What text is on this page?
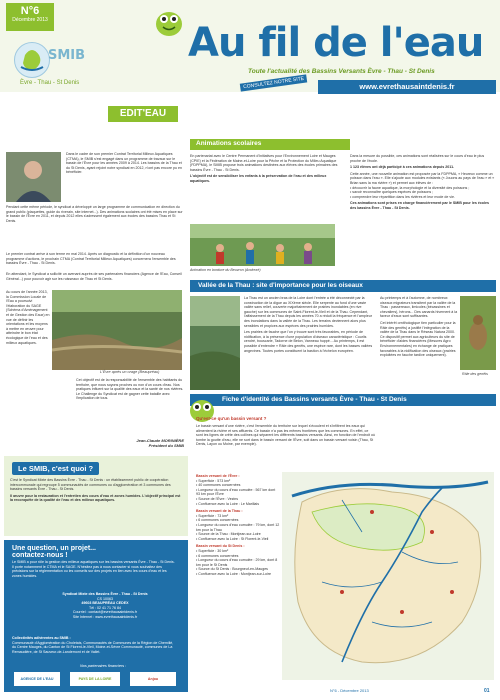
N°6
Décembre 2013
SMIB
Èvre - Thau - St Denis
Au fil de l'eau
Toute l'actualité des Bassins Versants Èvre - Thau - St Denis
CONSULTEZ NOTRE SITE	www.evrethausaintdenis.fr
EDIT'EAU
Dans le cadre de son premier Contrat Territorial Milieux Aquatiques (CTMA), le SMIB s'est engagé dans un programme de travaux sur le bassin de l'Èvre pour les années 2009 à 2014. Les bassins de la Thau et du St Denis, ayant rejoint notre syndicat en 2012, n'ont pas encore pu en bénéficier.
Pendant cette même période, le syndicat a développé un large programme de communication en direction du grand public (plaquettes, guide du riverain, site internet...). Des animations scolaires ont été mises en place sur le bassin de l'Èvre en 2011, et depuis 2012 elles s'adressent également aux écoles des bassins Thau et St Denis.
Le premier contrat arrive à son terme en mai 2014. Après un diagnostic et la définition d'un nouveau programme d'actions, le prochain CTMA (Contrat Territorial Milieux Aquatiques) concernera l'ensemble des bassins Èvre - Thau - St Denis.
En attendant, le Syndicat a sollicité un avenant auprès de ses partenaires financiers (Agence de l'Eau, Conseil Général...) pour pouvoir agir sur les ruisseaux de Thau et St Denis.
Au cours de l'année 2013, la Commission Locale de l'Eau a poursuivi l'élaboration du SAGE (Schéma d'Aménagement et de Gestion des Eaux) en vue de définir les orientations et les moyens à mettre en œuvre pour atteindre le bon état écologique de l'eau et des milieux aquatiques.
L'Èvre après un orage (Beaupréau)
Cet objectif est de la responsabilité de l'ensemble des habitants du territoire, que nous soyons proches ou non d'un cours d'eau. Nos pratiques influent sur la qualité des eaux et la santé de nos rivières. Le Challenge du Syndicat est de gagner cette bataille avec l'implication de tous.
Jean-Claude MORINIÈRE
Président du SMIB
Le SMIB, c'est quoi ?
C'est le Syndicat Mixte des Bassins Èvre - Thau - St Denis : un établissement public de coopération intercommunale qui regroupe 5 communautés de communes ou d'agglomération et 3 communes des bassins versants Èvre - Thau - St Denis.
Il œuvre pour la restauration et l'entretien des cours d'eau et zones humides. L'objectif principal est la reconquête de la qualité de l'eau et des milieux aquatiques.
Une question, un projet... contactez-nous !
Le SMIB a pour rôle la gestion des milieux aquatiques sur les bassins versants Èvre - Thau - St Denis. Il porte notamment le CTMA et le SAGE. N'hésitez pas à nous contacter si vous souhaitez des précisions sur la réglementation ou les conseils sur des projets en lien avec les cours d'eau et les zones humides.
Syndicat Mixte des Bassins Èvre - Thau - St Denis
CS 10063
49603 BEAUPRÉAU CEDEX
Tél : 02 41 71 76 84
Courriel : contact@evrethausaintdenis.fr
Site Internet : www.evrethausaintdenis.fr
Collectivités adhérentes au SMIB :
Communauté d'Agglomération du Choletais, Communautés de Communes de la Région de Chemillé, du Centre Mauges, du Canton de St Florent-le-Vieil, Moine-et-Sèvre Communauté, communes de La Remaudière, de St Sauveur-de-Landemont et de Vallet.
Nos partenaires financiers :
AGENCE DE L'EAU	PAYS DE LA LOIRE	Anjou
Animations scolaires
En partenariat avec le Centre Permanent d'Initiatives pour l'Environnement Loire et Mauges (CPIE) et la Fédération de Maine-et-Loire pour la Pêche et la Protection du Milieu Aquatique (FDPPMA), le SMIB propose trois animations destinées aux élèves des écoles primaires des bassins Èvre - Thau - St Denis.
L'objectif est de sensibiliser les enfants à la préservation de l'eau et des milieux aquatiques.
Animation en bordure du Beuvron (Andrezé)
Dans la mesure du possible, ces animations sont réalisées sur le cours d'eau le plus proche de l'école.
1 123 élèves ont déjà participé à ces animations depuis 2011.
Cette année, une nouvelle animation est proposée par la FDPPMA, « Heureux comme un poisson dans l'eau ». Elle s'ajoute aux modules existants (« Jouons au pays de l'eau » et « Brian sans la ma rivière ») et permet aux élèves de :
• découvrir la faune aquatique, la morphologie et la diversité des poissons ;
• savoir reconnaître quelques espèces de poissons ;
• comprendre leur répartition dans les rivières et leur mode de vie.
Ces animations sont prises en charge financièrement par le SMIB pour les écoles des bassins Èvre - Thau - St Denis.
Vallée de la Thau : site d'importance pour les oiseaux
La Thau est un ancien bras de la Loire dont l'entrée a été déconnecté par la construction de la digue au XIXème siècle. Elle serpente au fond d'une vaste vallée sans relief, couverte majoritairement de prairies inondables (en rive gauche) sur les communes de Saint-Florent-le-Vieil et de la Thau. Cependant, l'affaissement de la Thau depuis les années 70 a réduit la fréquence et l'ampleur des inondations dans la vallée de la Thau. Les terrains deviennent alors plus sensibles et propices aux espèces des prairies humides.
Les prairies de fauche que l'on y trouve sont très favorables, en période de nidification, à la présence d'une population d'oiseaux caractéristique : Courlis cendré, bouscarle, Tadorne de Belon, Vanneau huppé... Au printemps, il est possible d'entendre « Râle des genêts, une espèce rare, dont les basses vallées angevines. Toutes portes constituent la bastion à l'échelon européen.
Au printemps et à l'automne, de nombreux oiseaux migrateurs transitent par la vallée de la Thau : passereaux, limicoles (bécassines et chevaliers), hérons... Des canards hivernent à la faveur d'eaux sont suffisantes.
Cet intérêt ornithologique tien particulier pour la Râle des genêts) a justifié l'intégration de la vallée de la Thau dans le Réseau Natura 2000. Ce dispositif permet aux agriculteurs du site de bénéficier d'aides financières (Mesures Agro Environnementales) en échange de pratiques favorables à la nidification des oiseaux (prairies exploitées en fauche tardive uniquement).
Râle des genêts
Fiche d'identité des Bassins versants Èvre - Thau - St Denis
Qu'est-ce qu'un bassin versant ?
Le bassin versant d'une rivière, c'est l'ensemble du territoire sur lequel s'écoulent et s'infiltrent les eaux qui alimentent la rivière et ses affluents. Ce bassin n'a pas les mêmes frontières que les communes. En effet, ce sont les lignes de crête des collines qui séparent les différents bassins versants. Ainsi, en fonction de l'endroit où tombe la goutte d'eau, elle ne sort dans le bassin versant de l'Èvre, soit dans un bassin versant voisin (Thau, St Denis, Layon ou Moine, par exemple).
Bassin versant de l'Èvre :
• Superficie : 573 km²
• 40 communes concernées
• Longueur du cours d'eau cumulée : 567 km dont 93 km pour l'Èvre
• Source de l'Èvre : Vezins
• Confluence avec la Loire : Le Marillais
Bassin versant de la Thau :
• Superficie : 73 km²
• 6 communes concernées
• Longueur du cours d'eau cumulée : 79 km, dont 12 km pour la Thau
• Source de la Thau : Montjean-sur-Loire
• Confluence avec la Loire : St Florent-le-Vieil
Bassin versant du St Denis :
• Superficie : 30 km²
• 6 communes concernées
• Longueur du cours d'eau cumulée : 29 km, dont 8 km pour le St Denis
• Source du St Denis : Bourgneuf-en-Mauges
• Confluence avec la Loire : Montjean-sur-Loire
N°6 - Décembre 2013	01
